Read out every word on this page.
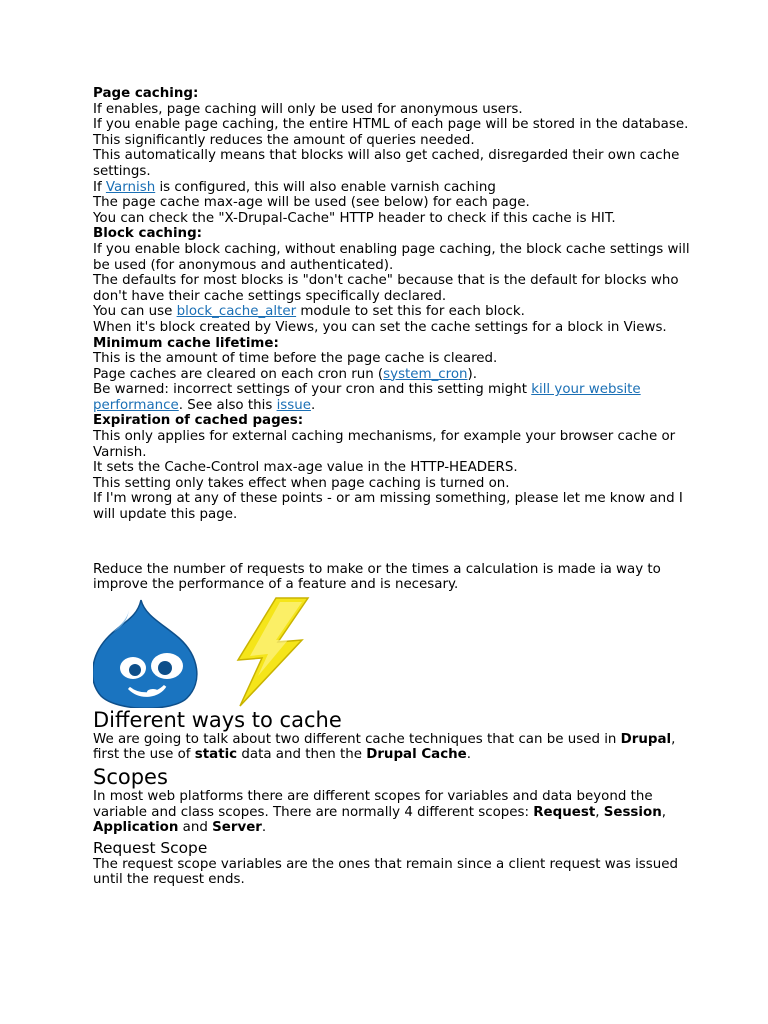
Page caching:

If enables, page caching will only be used for anonymous users.

If you enable page caching, the entire HTML of each page will be stored in the database. This significantly reduces the amount of queries needed.

This automatically means that blocks will also get cached, disregarded their own cache settings.

If Varnish is configured, this will also enable varnish caching

The page cache max-age will be used (see below) for each page.

You can check the "X-Drupal-Cache" HTTP header to check if this cache is HIT.

Block caching:

If you enable block caching, without enabling page caching, the block cache settings will be used (for anonymous and authenticated).

The defaults for most blocks is "don't cache" because that is the default for blocks who don't have their cache settings specifically declared.

You can use block_cache_alter module to set this for each block.

When it's block created by Views, you can set the cache settings for a block in Views.

Minimum cache lifetime:

This is the amount of time before the page cache is cleared.

Page caches are cleared on each cron run (system_cron).

Be warned: incorrect settings of your cron and this setting might kill your website performance. See also this issue.

Expiration of cached pages:

This only applies for external caching mechanisms, for example your browser cache or Varnish.

It sets the Cache-Control max-age value in the HTTP-HEADERS.

This setting only takes effect when page caching is turned on.

If I'm wrong at any of these points - or am missing something, please let me know and I will update this page.

Reduce the number of requests to make or the times a calculation is made ia way to improve the performance of a feature and is necesary.

Different ways to cache

We are going to talk about two different cache techniques that can be used in Drupal, first the use of static data and then the Drupal Cache.

Scopes

In most web platforms there are different scopes for variables and data beyond the variable and class scopes. There are normally 4 different scopes: Request, Session, Application and Server.

Request Scope

The request scope variables are the ones that remain since a client request was issued until the request ends.
